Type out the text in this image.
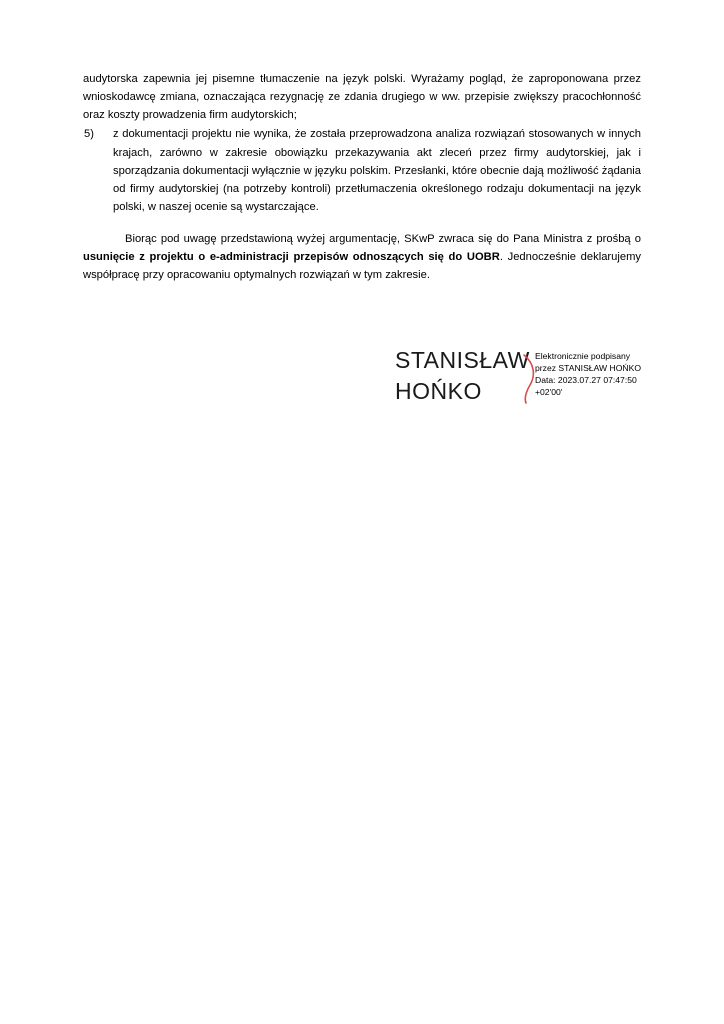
audytorska zapewnia jej pisemne tłumaczenie na język polski. Wyrażamy pogląd, że zaproponowana przez wnioskodawcę zmiana, oznaczająca rezygnację ze zdania drugiego w ww. przepisie zwiększy pracochłonność oraz koszty prowadzenia firm audytorskich;

5)	z dokumentacji projektu nie wynika, że została przeprowadzona analiza rozwiązań stosowanych w innych krajach, zarówno w zakresie obowiązku przekazywania akt zleceń przez firmy audytorskiej, jak i sporządzania dokumentacji wyłącznie w języku polskim. Przesłanki, które obecnie dają możliwość żądania od firmy audytorskiej (na potrzeby kontroli) przetłumaczenia określonego rodzaju dokumentacji na język polski, w naszej ocenie są wystarczające.

Biorąc pod uwagę przedstawioną wyżej argumentację, SKwP zwraca się do Pana Ministra z prośbą o usunięcie z projektu o e-administracji przepisów odnoszących się do UOBR. Jednocześnie deklarujemy współpracę przy opracowaniu optymalnych rozwiązań w tym zakresie.

STANISŁAW
HOŃKO
Elektronicznie podpisany
przez STANISŁAW HOŃKO
Data: 2023.07.27 07:47:50
+02'00'
